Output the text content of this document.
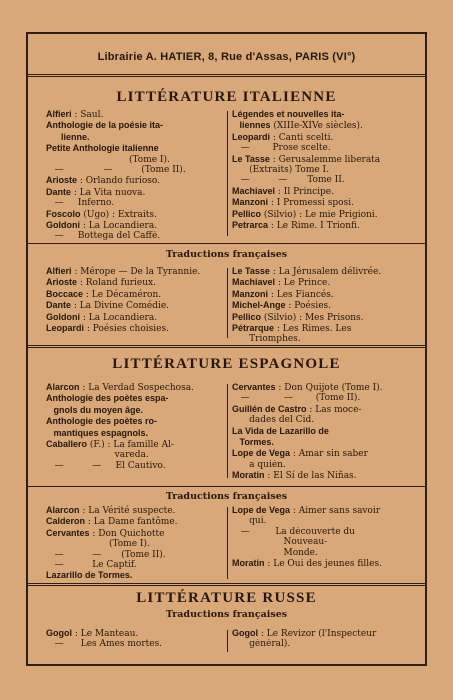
Librairie A. HATIER, 8, Rue d'Assas, PARIS (VI°)
LITTÉRATURE ITALIENNE
Alfieri : Saul.
Anthologie de la poésie ita-
lienne.
Petite Anthologie italienne
(Tome I).
—              —          (Tome II).
Arioste : Orlando furioso.
Dante : La Vita nuova.
—     Inferno.
Foscolo (Ugo) : Extraits.
Goldoni : La Locandiera.
—     Bottega del Caffé.
Légendes et nouvelles ita-
liennes (XIIIe-XIVe siècles).
Leopardi : Canti scelti.
—        Prose scelte.
Le Tasse : Gerusalemme liberata
(Extraits) Tome I.
—          —       Tome II.
Machiavel : Il Principe.
Manzoni : I Promessi sposi.
Pellico (Silvio) : Le mie Prigioni.
Petrarca : Le Rime. I Trionfi.
Traductions françaises
Alfieri : Mérope — De la Tyrannie.
Arioste : Roland furieux.
Boccace : Le Décaméron.
Dante : La Divine Comédie.
Goldoni : La Locandiera.
Leopardi : Poésies choisies.
Le Tasse : La Jérusalem délivrée.
Machiavel : Le Prince.
Manzoni : Les Fiancés.
Michel-Ange : Poésies.
Pellico (Silvio) : Mes Prisons.
Pétrarque : Les Rimes. Les
Triomphes.
LITTÉRATURE ESPAGNOLE
Alarcon : La Verdad Sospechosa.
Anthologie des poètes espa-
gnols du moyen âge.
Anthologie des poètes ro-
mantiques espagnols.
Caballero (F.) : La famille Al-
vareda.
—          —     El Cautivo.
Cervantes : Don Quijote (Tome I).
—            —        (Tome II).
Guillén de Castro : Las moce-
dades del Cid.
La Vida de Lazarillo de
Tormes.
Lope de Vega : Amar sin saber
a quién.
Moratin : El Sí de las Niñas.
Traductions françaises
Alarcon : La Vérité suspecte.
Calderon : La Dame fantôme.
Cervantes : Don Quichotte
(Tome I).
—          —       (Tome II).
—          Le Captif.
Lazarillo de Tormes.
Lope de Vega : Aimer sans savoir
qui.
—         La découverte du
Nouveau-
Monde.
Moratin : Le Oui des jeunes filles.
LITTÉRATURE RUSSE
Traductions françaises
Gogol : Le Manteau.
—      Les Ames mortes.
Gogol : Le Revizor (l'Inspecteur
général).
